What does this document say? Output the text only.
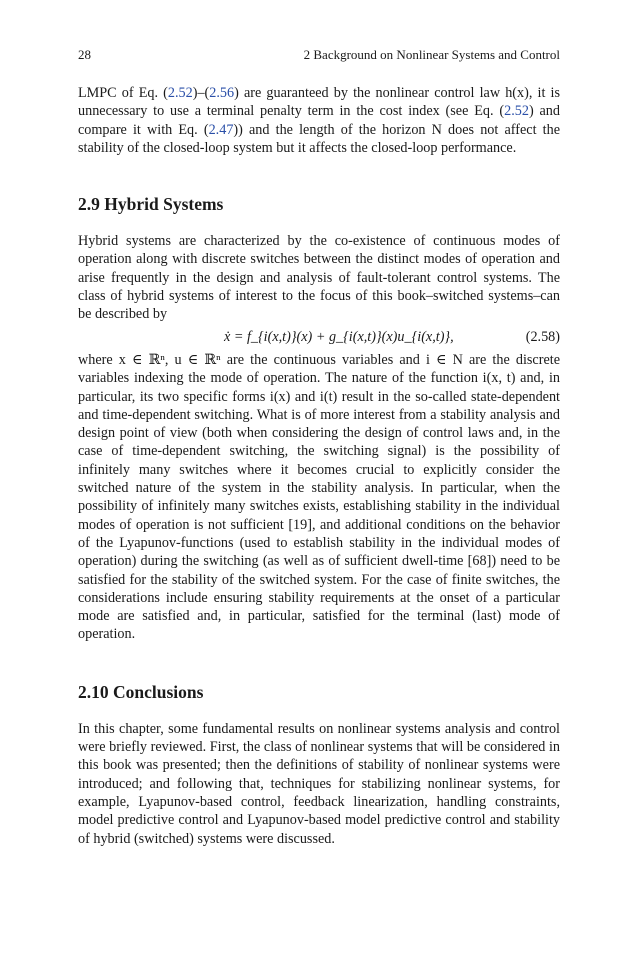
28	2 Background on Nonlinear Systems and Control

LMPC of Eq. (2.52)–(2.56) are guaranteed by the nonlinear control law h(x), it is unnecessary to use a terminal penalty term in the cost index (see Eq. (2.52) and compare it with Eq. (2.47)) and the length of the horizon N does not affect the stability of the closed-loop system but it affects the closed-loop performance.

2.9 Hybrid Systems

Hybrid systems are characterized by the co-existence of continuous modes of operation along with discrete switches between the distinct modes of operation and arise frequently in the design and analysis of fault-tolerant control systems. The class of hybrid systems of interest to the focus of this book–switched systems–can be described by

ẋ = f_{i(x,t)}(x) + g_{i(x,t)}(x)u_{i(x,t)},	(2.58)

where x ∈ ℝⁿ, u ∈ ℝⁿ are the continuous variables and i ∈ N are the discrete variables indexing the mode of operation. The nature of the function i(x, t) and, in particular, its two specific forms i(x) and i(t) result in the so-called state-dependent and time-dependent switching. What is of more interest from a stability analysis and design point of view (both when considering the design of control laws and, in the case of time-dependent switching, the switching signal) is the possibility of infinitely many switches where it becomes crucial to explicitly consider the switched nature of the system in the stability analysis. In particular, when the possibility of infinitely many switches exists, establishing stability in the individual modes of operation is not sufficient [19], and additional conditions on the behavior of the Lyapunov-functions (used to establish stability in the individual modes of operation) during the switching (as well as of sufficient dwell-time [68]) need to be satisfied for the stability of the switched system. For the case of finite switches, the considerations include ensuring stability requirements at the onset of a particular mode are satisfied and, in particular, satisfied for the terminal (last) mode of operation.

2.10 Conclusions

In this chapter, some fundamental results on nonlinear systems analysis and control were briefly reviewed. First, the class of nonlinear systems that will be considered in this book was presented; then the definitions of stability of nonlinear systems were introduced; and following that, techniques for stabilizing nonlinear systems, for example, Lyapunov-based control, feedback linearization, handling constraints, model predictive control and Lyapunov-based model predictive control and stability of hybrid (switched) systems were discussed.
